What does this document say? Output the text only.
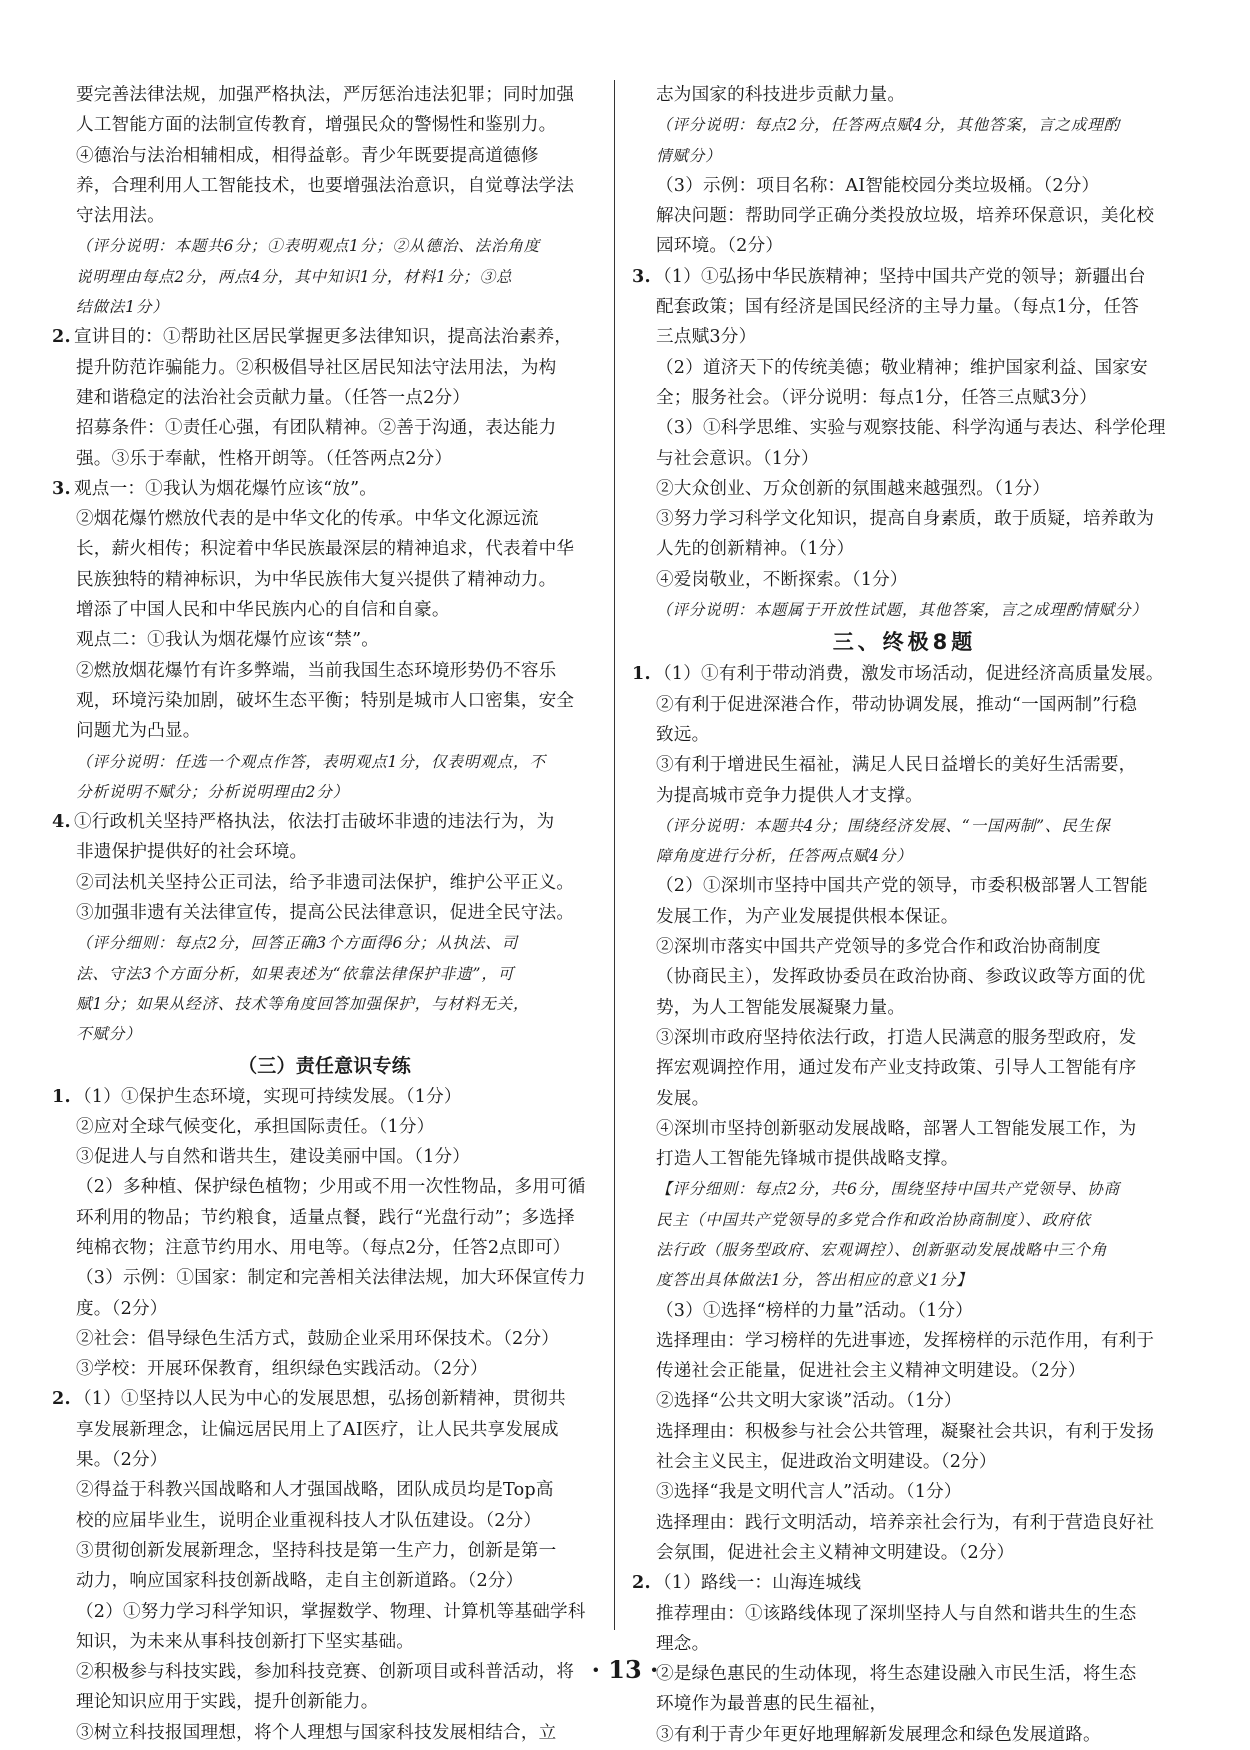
要完善法律法规，加强严格执法，严厉惩治违法犯罪；同时加强
人工智能方面的法制宣传教育，增强民众的警惕性和鉴别力。
④德治与法治相辅相成，相得益彰。青少年既要提高道德修
养，合理利用人工智能技术，也要增强法治意识，自觉尊法学法
守法用法。
（评分说明：本题共6分；①表明观点1分；②从德治、法治角度
说明理由每点2分，两点4分，其中知识1分，材料1分；③总
结做法1分）
2. 宣讲目的：①帮助社区居民掌握更多法律知识，提高法治素养，
提升防范诈骗能力。②积极倡导社区居民知法守法用法，为构
建和谐稳定的法治社会贡献力量。（任答一点2分）
招募条件：①责任心强，有团队精神。②善于沟通，表达能力
强。③乐于奉献，性格开朗等。（任答两点2分）
3. 观点一：①我认为烟花爆竹应该“放”。
②烟花爆竹燃放代表的是中华文化的传承。中华文化源远流
长，薪火相传；积淀着中华民族最深层的精神追求，代表着中华
民族独特的精神标识，为中华民族伟大复兴提供了精神动力。
增添了中国人民和中华民族内心的自信和自豪。
观点二：①我认为烟花爆竹应该“禁”。
②燃放烟花爆竹有许多弊端，当前我国生态环境形势仍不容乐
观，环境污染加剧，破坏生态平衡；特别是城市人口密集，安全
问题尤为凸显。
（评分说明：任选一个观点作答，表明观点1分，仅表明观点，不
分析说明不赋分；分析说明理由2分）
4. ①行政机关坚持严格执法，依法打击破坏非遗的违法行为，为
非遗保护提供好的社会环境。
②司法机关坚持公正司法，给予非遗司法保护，维护公平正义。
③加强非遗有关法律宣传，提高公民法律意识，促进全民守法。
（评分细则：每点2分，回答正确3个方面得6分；从执法、司
法、守法3个方面分析，如果表述为“依靠法律保护非遗”，可
赋1分；如果从经济、技术等角度回答加强保护，与材料无关，
不赋分）
（三）责任意识专练
1. （1）①保护生态环境，实现可持续发展。（1分）
②应对全球气候变化，承担国际责任。（1分）
③促进人与自然和谐共生，建设美丽中国。（1分）
（2）多种植、保护绿色植物；少用或不用一次性物品，多用可循
环利用的物品；节约粮食，适量点餐，践行“光盘行动”；多选择
纯棉衣物；注意节约用水、用电等。（每点2分，任答2点即可）
（3）示例：①国家：制定和完善相关法律法规，加大环保宣传力
度。（2分）
②社会：倡导绿色生活方式，鼓励企业采用环保技术。（2分）
③学校：开展环保教育，组织绿色实践活动。（2分）
2. （1）①坚持以人民为中心的发展思想，弘扬创新精神，贯彻共
享发展新理念，让偏远居民用上了AI医疗，让人民共享发展成
果。（2分）
②得益于科教兴国战略和人才强国战略，团队成员均是Top高
校的应届毕业生，说明企业重视科技人才队伍建设。（2分）
③贯彻创新发展新理念，坚持科技是第一生产力，创新是第一
动力，响应国家科技创新战略，走自主创新道路。（2分）
（2）①努力学习科学知识，掌握数学、物理、计算机等基础学科
知识，为未来从事科技创新打下坚实基础。
②积极参与科技实践，参加科技竞赛、创新项目或科普活动，将
理论知识应用于实践，提升创新能力。
③树立科技报国理想，将个人理想与国家科技发展相结合，立
志为国家的科技进步贡献力量。
（评分说明：每点2分，任答两点赋4分，其他答案，言之成理酌
情赋分）
（3）示例：项目名称：AI智能校园分类垃圾桶。（2分）
解决问题：帮助同学正确分类投放垃圾，培养环保意识，美化校
园环境。（2分）
3. （1）①弘扬中华民族精神；坚持中国共产党的领导；新疆出台
配套政策；国有经济是国民经济的主导力量。（每点1分，任答
三点赋3分）
（2）道济天下的传统美德；敬业精神；维护国家利益、国家安
全；服务社会。（评分说明：每点1分，任答三点赋3分）
（3）①科学思维、实验与观察技能、科学沟通与表达、科学伦理
与社会意识。（1分）
②大众创业、万众创新的氛围越来越强烈。（1分）
③努力学习科学文化知识，提高自身素质，敢于质疑，培养敢为
人先的创新精神。（1分）
④爱岗敬业，不断探索。（1分）
（评分说明：本题属于开放性试题，其他答案，言之成理酌情赋分）
三、终极8题
1. （1）①有利于带动消费，激发市场活动，促进经济高质量发展。
②有利于促进深港合作，带动协调发展，推动“一国两制”行稳
致远。
③有利于增进民生福祉，满足人民日益增长的美好生活需要，
为提高城市竞争力提供人才支撑。
（评分说明：本题共4分；围绕经济发展、“一国两制”、民生保
障角度进行分析，任答两点赋4分）
（2）①深圳市坚持中国共产党的领导，市委积极部署人工智能
发展工作，为产业发展提供根本保证。
②深圳市落实中国共产党领导的多党合作和政治协商制度
（协商民主），发挥政协委员在政治协商、参政议政等方面的优
势，为人工智能发展凝聚力量。
③深圳市政府坚持依法行政，打造人民满意的服务型政府，发
挥宏观调控作用，通过发布产业支持政策、引导人工智能有序
发展。
④深圳市坚持创新驱动发展战略，部署人工智能发展工作，为
打造人工智能先锋城市提供战略支撑。
【评分细则：每点2分，共6分，围绕坚持中国共产党领导、协商
民主（中国共产党领导的多党合作和政治协商制度）、政府依
法行政（服务型政府、宏观调控）、创新驱动发展战略中三个角
度答出具体做法1分，答出相应的意义1分】
（3）①选择“榜样的力量”活动。（1分）
选择理由：学习榜样的先进事迹，发挥榜样的示范作用，有利于
传递社会正能量，促进社会主义精神文明建设。（2分）
②选择“公共文明大家谈”活动。（1分）
选择理由：积极参与社会公共管理，凝聚社会共识，有利于发扬
社会主义民主，促进政治文明建设。（2分）
③选择“我是文明代言人”活动。（1分）
选择理由：践行文明活动，培养亲社会行为，有利于营造良好社
会氛围，促进社会主义精神文明建设。（2分）
2. （1）路线一：山海连城线
推荐理由：①该路线体现了深圳坚持人与自然和谐共生的生态
理念。
②是绿色惠民的生动体现，将生态建设融入市民生活，将生态
环境作为最普惠的民生福祉，
③有利于青少年更好地理解新发展理念和绿色发展道路。
· 13 ·
